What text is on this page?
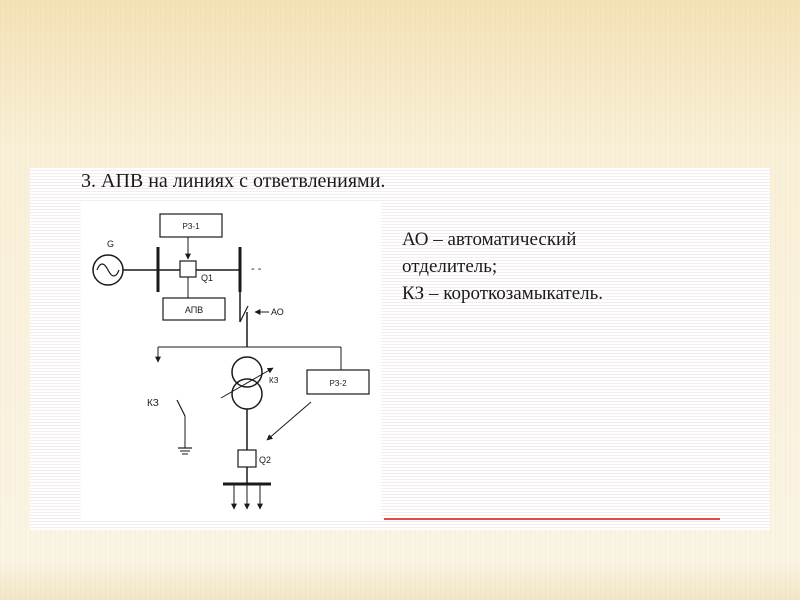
3. АПВ на линиях с ответвлениями.
G
Q1
- -
РЗ-1
АПВ	АО
КЗ	РЗ-2
КЗ
Q2

АО – автоматический

отделитель;

КЗ – короткозамыкатель.
